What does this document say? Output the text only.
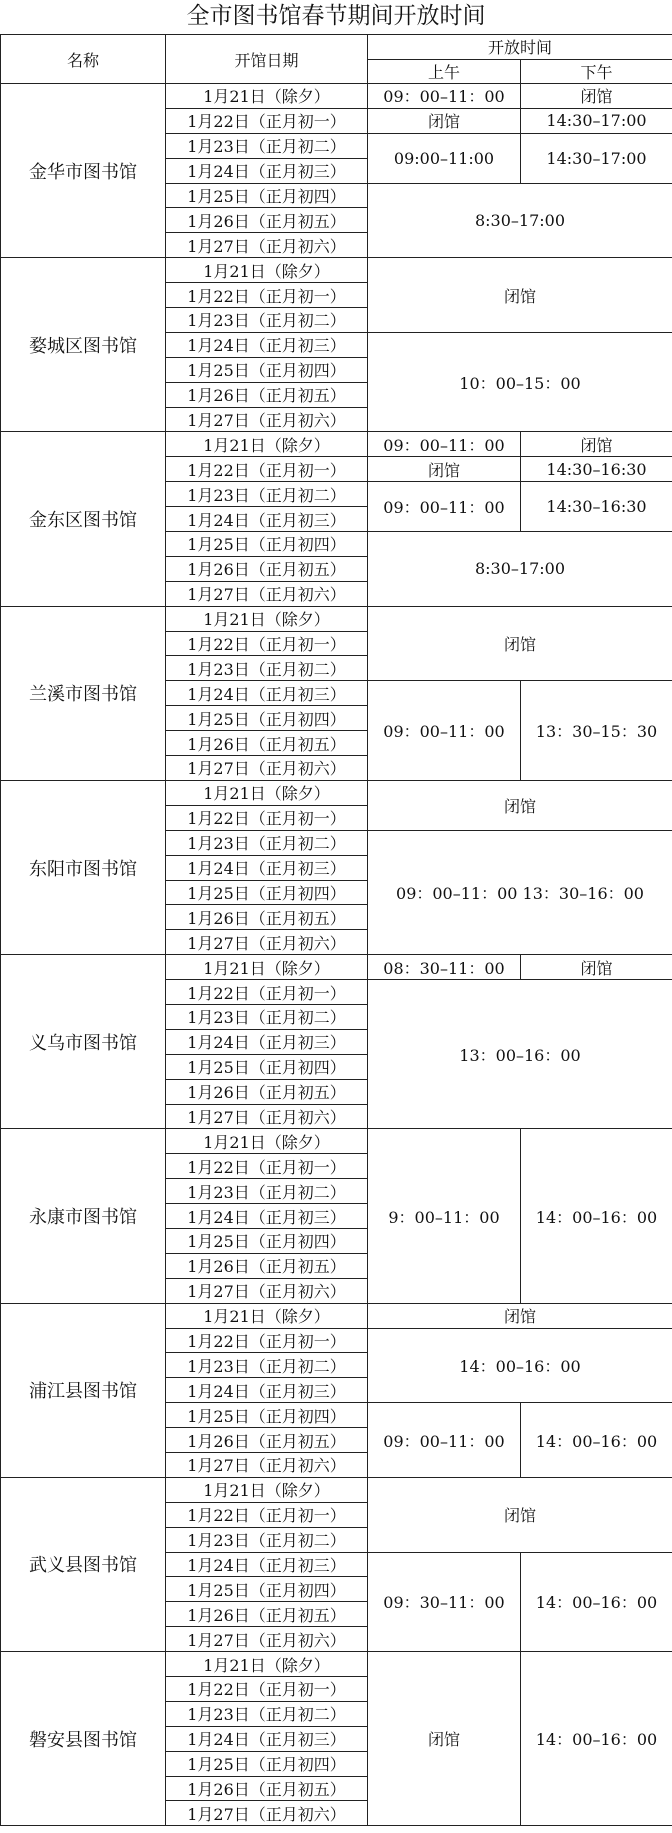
全市图书馆春节期间开放时间
名称	开馆日期	开放时间	
		上午	下午
金华市图书馆	1月21日（除夕）	09：00–11：00	闭馆
	1月22日（正月初一）	闭馆	14:30–17:00
	1月23日（正月初二）	09:00–11:00	14:30–17:00
	1月24日（正月初三）		
	1月25日（正月初四）	8:30–17:00	
	1月26日（正月初五）		
	1月27日（正月初六）		
婺城区图书馆	1月21日（除夕）	闭馆	
	1月22日（正月初一）		
	1月23日（正月初二）		
	1月24日（正月初三）	10：00–15：00	
	1月25日（正月初四）		
	1月26日（正月初五）		
	1月27日（正月初六）		
金东区图书馆	1月21日（除夕）	09：00–11：00	闭馆
	1月22日（正月初一）	闭馆	14:30–16:30
	1月23日（正月初二）	09：00–11：00	14:30–16:30
	1月24日（正月初三）		
	1月25日（正月初四）	8:30–17:00	
	1月26日（正月初五）		
	1月27日（正月初六）		
兰溪市图书馆	1月21日（除夕）	闭馆	
	1月22日（正月初一）		
	1月23日（正月初二）		
	1月24日（正月初三）	09：00–11：00	13：30–15：30
	1月25日（正月初四）		
	1月26日（正月初五）		
	1月27日（正月初六）		
东阳市图书馆	1月21日（除夕）	闭馆	
	1月22日（正月初一）		
	1月23日（正月初二）	09：00–11：00 13：30–16：00	
	1月24日（正月初三）		
	1月25日（正月初四）		
	1月26日（正月初五）		
	1月27日（正月初六）		
义乌市图书馆	1月21日（除夕）	08：30–11：00	闭馆
	1月22日（正月初一）	13：00–16：00	
	1月23日（正月初二）		
	1月24日（正月初三）		
	1月25日（正月初四）		
	1月26日（正月初五）		
	1月27日（正月初六）		
永康市图书馆	1月21日（除夕）	9：00–11：00	14：00–16：00
	1月22日（正月初一）		
	1月23日（正月初二）		
	1月24日（正月初三）		
	1月25日（正月初四）		
	1月26日（正月初五）		
	1月27日（正月初六）		
浦江县图书馆	1月21日（除夕）	闭馆	
	1月22日（正月初一）	14：00–16：00	
	1月23日（正月初二）		
	1月24日（正月初三）		
	1月25日（正月初四）	09：00–11：00	14：00–16：00
	1月26日（正月初五）		
	1月27日（正月初六）		
武义县图书馆	1月21日（除夕）	闭馆	
	1月22日（正月初一）		
	1月23日（正月初二）		
	1月24日（正月初三）	09：30–11：00	14：00–16：00
	1月25日（正月初四）		
	1月26日（正月初五）		
	1月27日（正月初六）		
磐安县图书馆	1月21日（除夕）	闭馆	14：00–16：00
	1月22日（正月初一）		
	1月23日（正月初二）		
	1月24日（正月初三）		
	1月25日（正月初四）		
	1月26日（正月初五）		
	1月27日（正月初六）		
